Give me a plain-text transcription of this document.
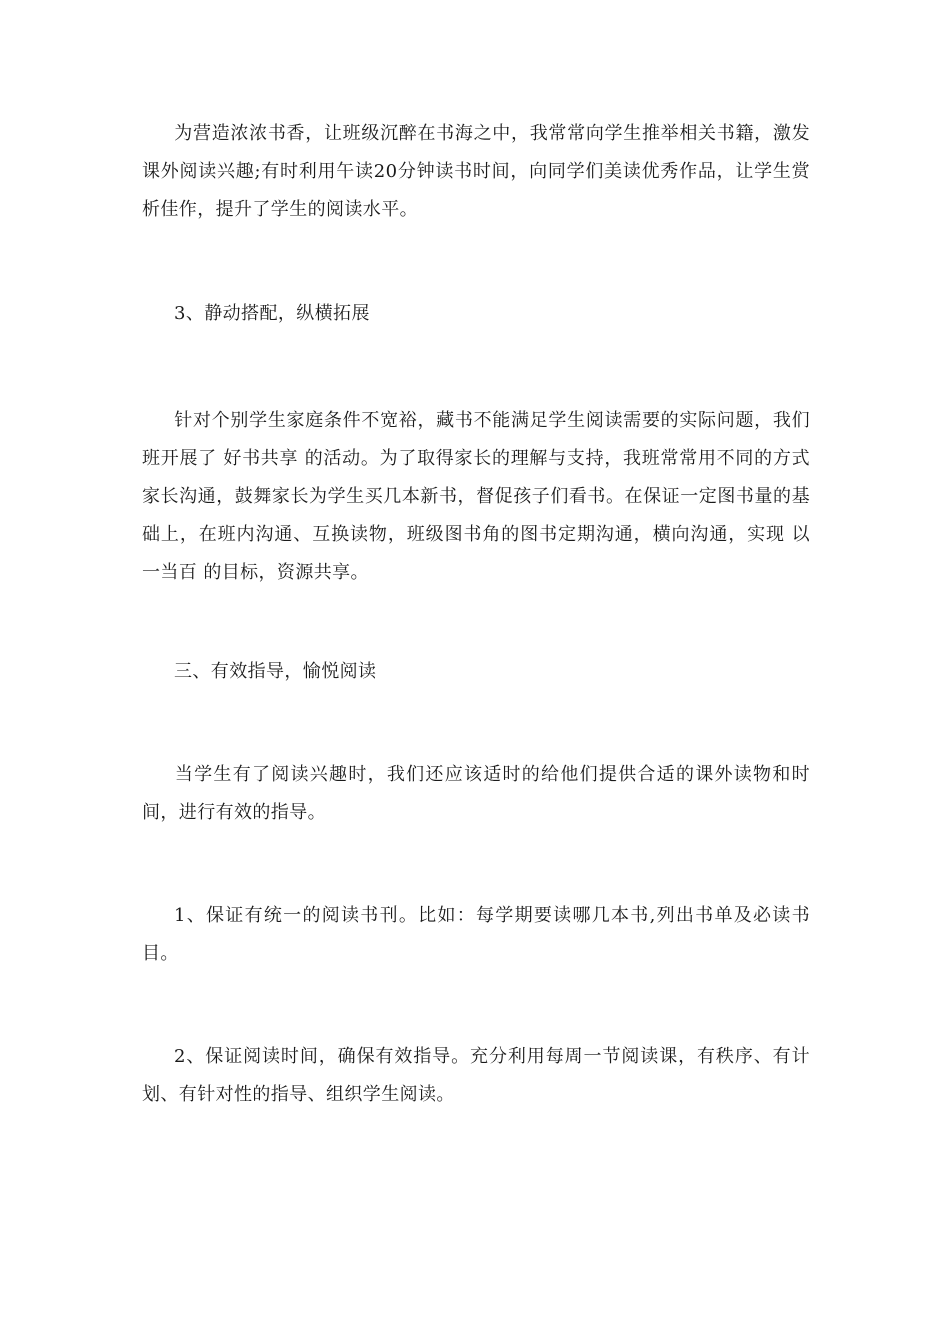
为营造浓浓书香，让班级沉醉在书海之中，我常常向学生推举相关书籍，激发课外阅读兴趣;有时利用午读20分钟读书时间，向同学们美读优秀作品，让学生赏析佳作，提升了学生的阅读水平。

3、静动搭配，纵横拓展

针对个别学生家庭条件不宽裕，藏书不能满足学生阅读需要的实际问题，我们班开展了 好书共享 的活动。为了取得家长的理解与支持，我班常常用不同的方式家长沟通，鼓舞家长为学生买几本新书，督促孩子们看书。在保证一定图书量的基础上，在班内沟通、互换读物，班级图书角的图书定期沟通，横向沟通，实现 以一当百 的目标，资源共享。

三、有效指导，愉悦阅读

当学生有了阅读兴趣时，我们还应该适时的给他们提供合适的课外读物和时间，进行有效的指导。

1、保证有统一的阅读书刊。比如：每学期要读哪几本书,列出书单及必读书目。

2、保证阅读时间，确保有效指导。充分利用每周一节阅读课，有秩序、有计划、有针对性的指导、组织学生阅读。
